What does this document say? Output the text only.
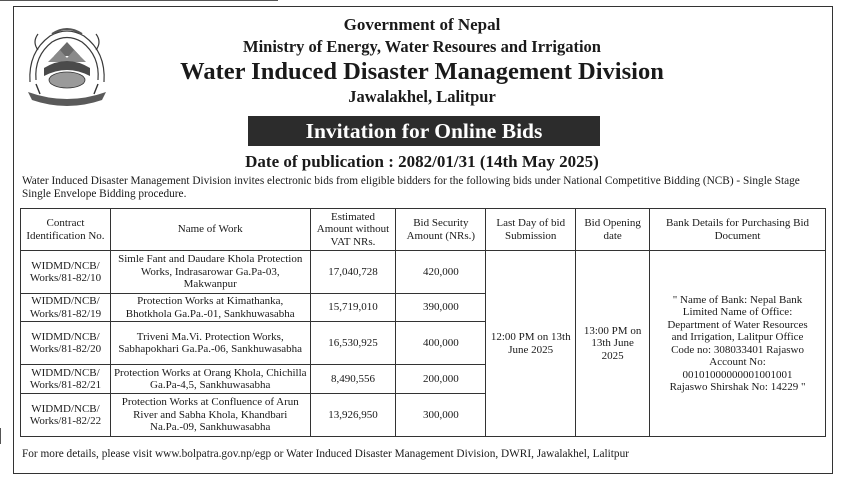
Government of Nepal
Ministry of Energy, Water Resoures and Irrigation
Water Induced Disaster Management Division
Jawalakhel, Lalitpur
Invitation for Online Bids
Date of publication : 2082/01/31 (14th May 2025)
Water Induced Disaster Management Division invites electronic bids from eligible bidders for the following bids under National Competitive Bidding (NCB) - Single Stage Single Envelope Bidding procedure.
Contract Identification No.	Name of Work	Estimated Amount without VAT NRs.	Bid Security Amount (NRs.)	Last Day of bid Submission	Bid Opening date	Bank Details for Purchasing Bid Document
WIDMD/NCB/ Works/81-82/10	Simle Fant and Daudare Khola Protection Works, Indrasarowar Ga.Pa-03, Makwanpur	17,040,728	420,000	12:00 PM on 13th June 2025	13:00 PM on 13th June 2025	" Name of Bank: Nepal Bank Limited Name of Office: Department of Water Resources and Irrigation, Lalitpur Office Code no: 308033401 Rajaswo Account No: 00101000000001001001 Rajaswo Shirshak No: 14229 "
WIDMD/NCB/ Works/81-82/19	Protection Works at Kimathanka, Bhotkhola Ga.Pa.-01, Sankhuwasabha	15,719,010	390,000			
WIDMD/NCB/ Works/81-82/20	Triveni Ma.Vi. Protection Works, Sabhapokhari Ga.Pa.-06, Sankhuwasabha	16,530,925	400,000			
WIDMD/NCB/ Works/81-82/21	Protection Works at Orang Khola, Chichilla Ga.Pa-4,5, Sankhuwasabha	8,490,556	200,000			
WIDMD/NCB/ Works/81-82/22	Protection Works at Confluence of Arun River and Sabha Khola, Khandbari Na.Pa.-09, Sankhuwasabha	13,926,950	300,000			
For more details, please visit www.bolpatra.gov.np/egp or Water Induced Disaster Management Division, DWRI, Jawalakhel, Lalitpur
